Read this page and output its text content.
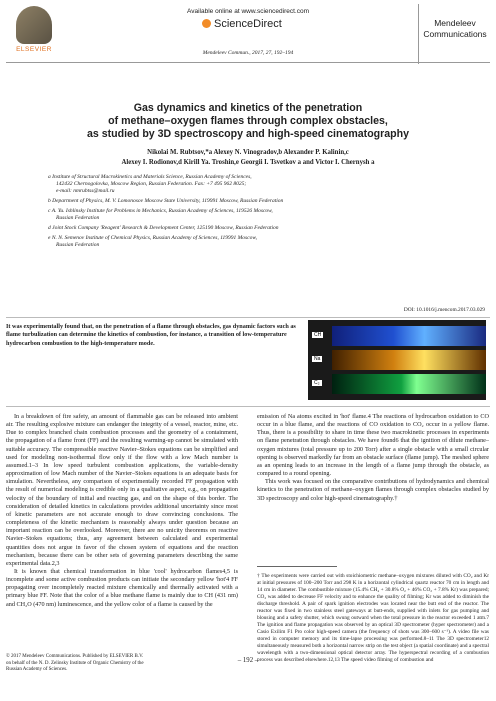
ELSEVIER
Available online at www.sciencedirect.com
ScienceDirect
Mendeleev Commun., 2017, 27, 192–194
Mendeleev
Communications
Gas dynamics and kinetics of the penetration
of methane–oxygen flames through complex obstacles,
as studied by 3D spectroscopy and high-speed cinematography
Nikolai M. Rubtsov,*a Alexey N. Vinogradov,b Alexander P. Kalinin,c
Alexey I. Rodionov,d Kirill Ya. Troshin,e Georgii I. Tsvetkov a and Victor I. Chernysh a
a Institute of Structural Macrokinetics and Materials Science, Russian Academy of Sciences,
142432 Chernogolovka, Moscow Region, Russian Federation. Fax: +7 495 962 8025;
e-mail: nmrubtss@mail.ru
b Department of Physics, M. V. Lomonosov Moscow State University, 119991 Moscow, Russian Federation
c A. Yu. Ishlinsky Institute for Problems in Mechanics, Russian Academy of Sciences, 119526 Moscow,
Russian Federation
d Joint Stock Company 'Reagent' Research & Development Center, 125190 Moscow, Russian Federation
e N. N. Semenov Institute of Chemical Physics, Russian Academy of Sciences, 119991 Moscow,
Russian Federation
DOI: 10.1016/j.mencom.2017.03.029
It was experimentally found that, on the penetration of a flame through obstacles, gas dynamic factors such as flame turbulization can determine the kinetics of combustion, for instance, a transition of low-temperature hydrocarbon combustion to the high-temperature mode.
CH
Na
C₂

In a breakdown of fire safety, an amount of flammable gas can be released into ambient air. The resulting explosive mixture can endanger the integrity of a vessel, reactor, mine, etc. Due to complex branched chain combustion processes and the geometry of a containment, the propagation of a flame front (FF) and the resulting warming-up cannot be simulated with suitable accuracy. The compressible reactive Navier–Stokes equations can be simplified and used for modeling non-isothermal flow only if the flow with a low Mach number is assumed.1–3 In low speed turbulent combustion applications, the variable-density approximation of low Mach number of the Navier–Stokes equations is an adequate basis for simulation. Nevertheless, any comparison of experimentally recorded FF propagation with the result of numerical modeling is credible only in a qualitative aspect, e.g., on propagation velocity of the boundary of initial and reacting gas, and on the shape of this border. The consideration of detailed kinetics in calculations provides additional uncertainty since most of kinetic parameters are not accurate enough to draw convincing conclusions. The completeness of the kinetic mechanism is reasonably always under question because an important reaction can be overlooked. Moreover, there are no unicity theorems on reactive Navier–Stokes equations; thus, any agreement between calculated and experimental quantities does not argue in favor of the chosen system of equations and the reaction mechanism, because there can be other sets of governing parameters describing the same experimental data.2,3

It is known that chemical transformation in blue 'cool' hydrocarbon flames4,5 is incomplete and some active combustion products can initiate the secondary yellow 'hot'4 FF propagating over incompletely reacted mixture chemically and thermally activated with a primary blue FF. Note that the color of a blue methane flame is mainly due to CH (431 nm) and CH₂O (470 nm) luminescence, and the yellow color of a flame is caused by the

emission of Na atoms excited in 'hot' flame.4 The reactions of hydrocarbon oxidation to CO occur in a blue flame, and the reactions of CO oxidation to CO₂ occur in a yellow flame. Thus, there is a possibility to share in time these two macrokinetic processes in experiments on flame penetration through obstacles. We have found6 that the ignition of dilute methane–oxygen mixtures (total pressure up to 200 Torr) after a single obstacle with a small circular opening is observed markedly far from an obstacle surface (flame jump). The meshed sphere as an opening leads to an increase in the length of a flame jump through the obstacle, as compared to a round opening.

This work was focused on the comparative contributions of hydrodynamics and chemical kinetics to the penetration of methane–oxygen flames through complex obstacles studied by 3D spectroscopy and color high-speed cinematography.†

† The experiments were carried out with stoichiometric methane–oxygen mixtures diluted with CO₂ and Kr at initial pressures of 100–200 Torr and 298 K in a horizontal cylindrical quartz reactor 70 cm in length and 14 cm in diameter. The combustible mixture (15.4% CH₄ + 30.8% O₂ + 46% CO₂ + 7.8% Kr) was prepared; CO₂ was added to decrease FF velocity and to enhance the quality of filming; Kr was added to diminish the discharge threshold. A pair of spark ignition electrodes was located near the butt end of the reactor. The reactor was fixed in two stainless steel gateways at butt-ends, supplied with inlets for gas pumping and blousing and a safety shutter, which swung outward when the total pressure in the reactor exceeded 1 atm.7 The ignition and flame propagation was observed by an optical 3D spectrometer (hyper spectrometer) and a Casio Exilim F1 Pro color high-speed camera (the frequency of shots was 300–600 s⁻¹). A video file was stored in computer memory and its time-lapse processing was performed.8–11 The 3D spectrometer12 simultaneously measured both a horizontal narrow strip on the test object (a spatial coordinate) and a spectral wavelength with a two-dimensional optical detector array. The hyperspectral recording of a combustion process was described elsewhere.12,13 The speed video filming of combustion and
© 2017 Mendeleev Communications. Published by ELSEVIER B.V.
on behalf of the N. D. Zelinsky Institute of Organic Chemistry of the
Russian Academy of Sciences.
– 192 –
